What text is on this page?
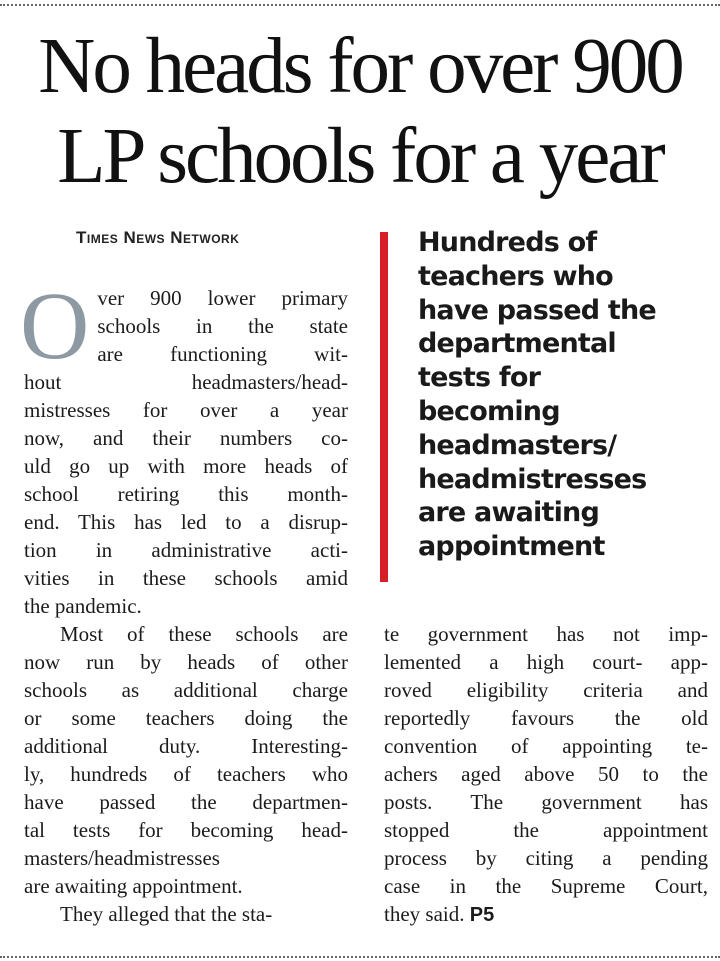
No heads for over 900
LP schools for a year
Times News Network
O ver 900 lower primary
schools in the state
are functioning wit-
hout headmasters/head-
mistresses for over a year
now, and their numbers co-
uld go up with more heads of
school retiring this month-
end. This has led to a disrup-
tion in administrative acti-
vities in these schools amid
the pandemic.

Most of these schools are
now run by heads of other
schools as additional charge
or some teachers doing the
additional duty. Interesting-
ly, hundreds of teachers who
have passed the departmen-
tal tests for becoming head-
masters/headmistresses
are awaiting appointment.

They alleged that the sta-

Hundreds of
teachers who
have passed the
departmental
tests for
becoming
headmasters/
headmistresses
are awaiting
appointment
te government has not imp-
lemented a high court- app-
roved eligibility criteria and
reportedly favours the old
convention of appointing te-
achers aged above 50 to the
posts. The government has
stopped the appointment
process by citing a pending
case in the Supreme Court,
they said. P5
